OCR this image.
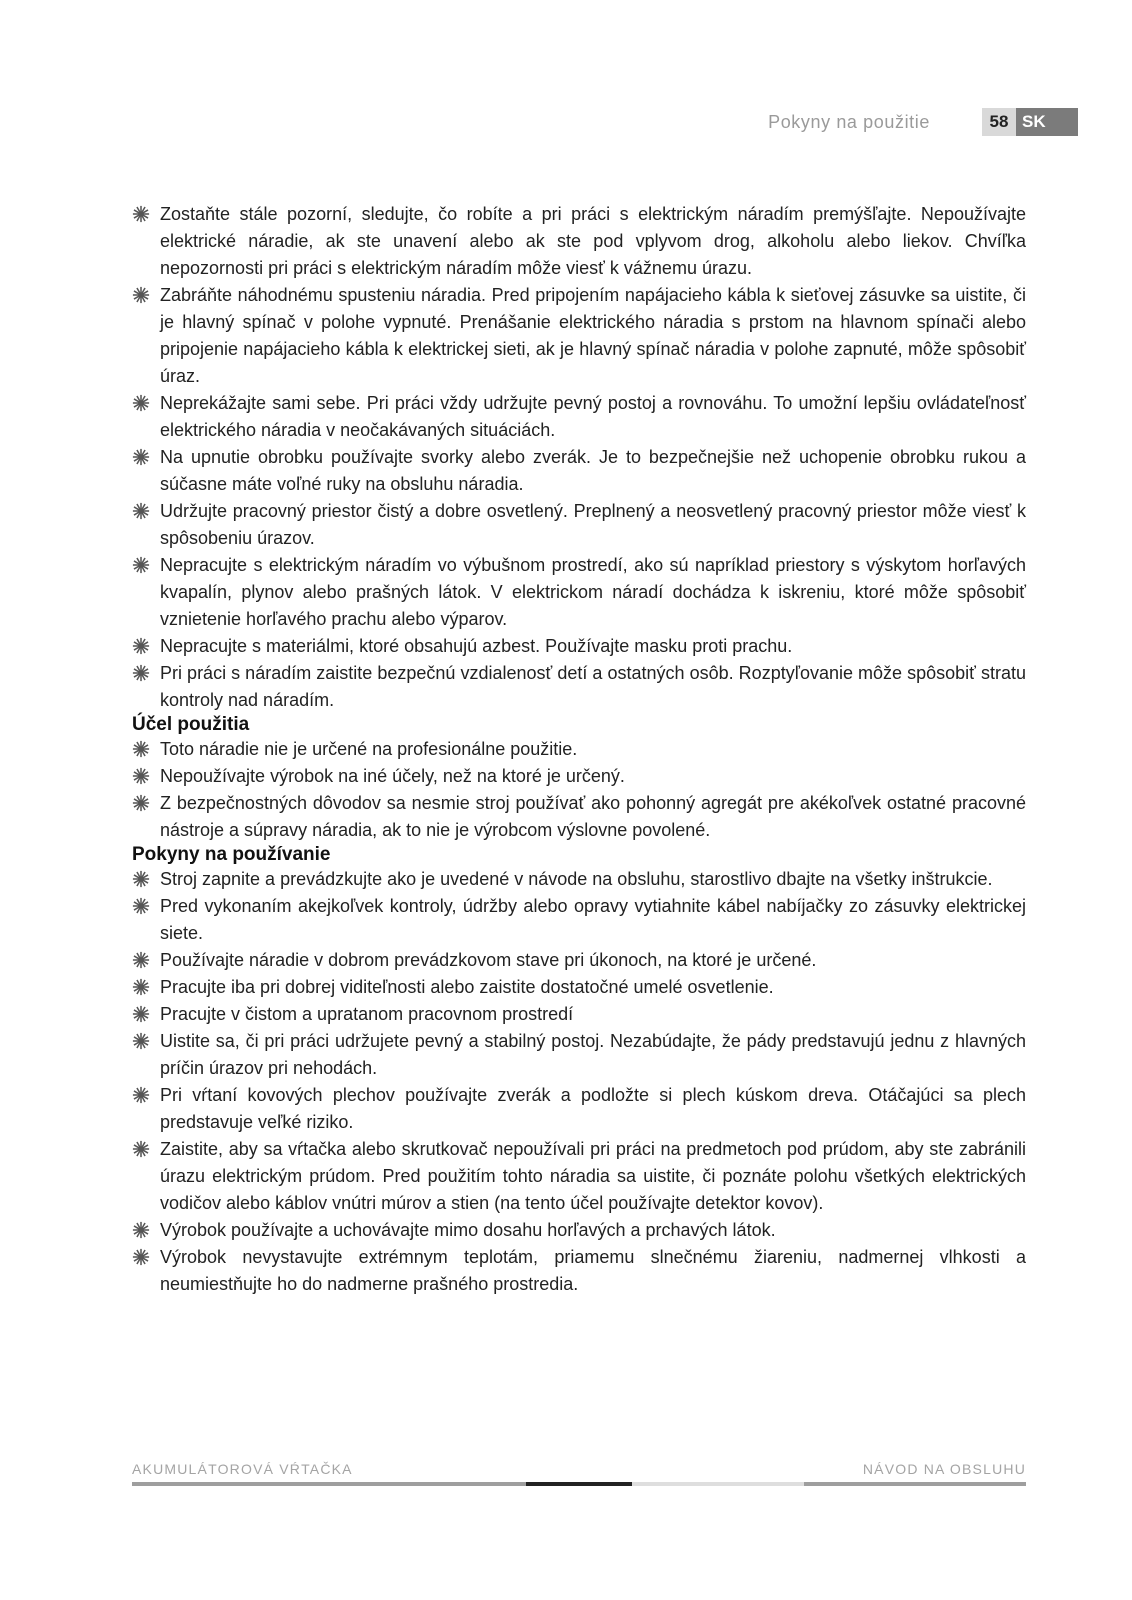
Pokyny na použitie	58 SK
Zostaňte stále pozorní, sledujte, čo robíte a pri práci s elektrickým náradím premýšľajte. Nepoužívajte elektrické náradie, ak ste unavení alebo ak ste pod vplyvom drog, alkoholu alebo liekov. Chvíľka nepozornosti pri práci s elektrickým náradím môže viesť k vážnemu úrazu.
Zabráňte náhodnému spusteniu náradia. Pred pripojením napájacieho kábla k sieťovej zásuvke sa uistite, či je hlavný spínač v polohe vypnuté. Prenášanie elektrického náradia s prstom na hlavnom spínači alebo pripojenie napájacieho kábla k elektrickej sieti, ak je hlavný spínač náradia v polohe zapnuté, môže spôsobiť úraz.
Neprekážajte sami sebe. Pri práci vždy udržujte pevný postoj a rovnováhu. To umožní lepšiu ovládateľnosť elektrického náradia v neočakávaných situáciách.
Na upnutie obrobku používajte svorky alebo zverák. Je to bezpečnejšie než uchopenie obrobku rukou a súčasne máte voľné ruky na obsluhu náradia.
Udržujte pracovný priestor čistý a dobre osvetlený. Preplnený a neosvetlený pracovný priestor môže viesť k spôsobeniu úrazov.
Nepracujte s elektrickým náradím vo výbušnom prostredí, ako sú napríklad priestory s výskytom horľavých kvapalín, plynov alebo prašných látok. V elektrickom náradí dochádza k iskreniu, ktoré môže spôsobiť vznietenie horľavého prachu alebo výparov.
Nepracujte s materiálmi, ktoré obsahujú azbest. Používajte masku proti prachu.
Pri práci s náradím zaistite bezpečnú vzdialenosť detí a ostatných osôb. Rozptyľovanie môže spôsobiť stratu kontroly nad náradím.
Účel použitia
Toto náradie nie je určené na profesionálne použitie.
Nepoužívajte výrobok na iné účely, než na ktoré je určený.
Z bezpečnostných dôvodov sa nesmie stroj používať ako pohonný agregát pre akékoľvek ostatné pracovné nástroje a súpravy náradia, ak to nie je výrobcom výslovne povolené.
Pokyny na používanie
Stroj zapnite a prevádzkujte ako je uvedené v návode na obsluhu, starostlivo dbajte na všetky inštrukcie.
Pred vykonaním akejkoľvek kontroly, údržby alebo opravy vytiahnite kábel nabíjačky zo zásuvky elektrickej siete.
Používajte náradie v dobrom prevádzkovom stave pri úkonoch, na ktoré je určené.
Pracujte iba pri dobrej viditeľnosti alebo zaistite dostatočné umelé osvetlenie.
Pracujte v čistom a upratanom pracovnom prostredí
Uistite sa, či pri práci udržujete pevný a stabilný postoj. Nezabúdajte, že pády predstavujú jednu z hlavných príčin úrazov pri nehodách.
Pri vŕtaní kovových plechov používajte zverák a podložte si plech kúskom dreva. Otáčajúci sa plech predstavuje veľké riziko.
Zaistite, aby sa vŕtačka alebo skrutkovač nepoužívali pri práci na predmetoch pod prúdom, aby ste zabránili úrazu elektrickým prúdom. Pred použitím tohto náradia sa uistite, či poznáte polohu všetkých elektrických vodičov alebo káblov vnútri múrov a stien (na tento účel používajte detektor kovov).
Výrobok používajte a uchovávajte mimo dosahu horľavých a prchavých látok.
Výrobok nevystavujte extrémnym teplotám, priamemu slnečnému žiareniu, nadmernej vlhkosti a neumiestňujte ho do nadmerne prašného prostredia.
AKUMULÁTOROVÁ VŔTAČKA	NÁVOD NA OBSLUHU
